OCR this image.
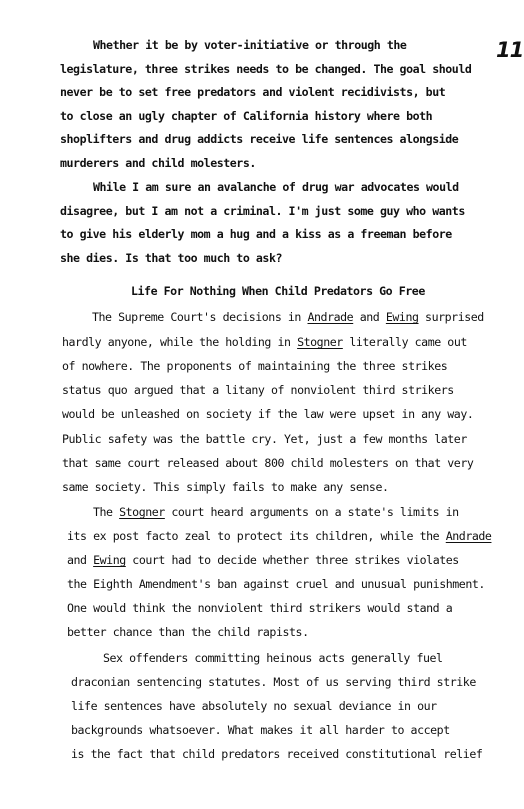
11
Whether it be by voter-initiative or through the
legislature, three strikes needs to be changed. The goal should
never be to set free predators and violent recidivists, but
to close an ugly chapter of California history where both
shoplifters and drug addicts receive life sentences alongside
murderers and child molesters.
While I am sure an avalanche of drug war advocates would
disagree, but I am not a criminal. I'm just some guy who wants
to give his elderly mom a hug and a kiss as a freeman before
she dies. Is that too much to ask?
Life For Nothing When Child Predators Go Free
The Supreme Court's decisions in Andrade and Ewing surprised
hardly anyone, while the holding in Stogner literally came out
of nowhere. The proponents of maintaining the three strikes
status quo argued that a litany of nonviolent third strikers
would be unleashed on society if the law were upset in any way.
Public safety was the battle cry. Yet, just a few months later
that same court released about 800 child molesters on that very
same society. This simply fails to make any sense.
The Stogner court heard arguments on a state's limits in
its ex post facto zeal to protect its children, while the Andrade
and Ewing court had to decide whether three strikes violates
the Eighth Amendment's ban against cruel and unusual punishment.
One would think the nonviolent third strikers would stand a
better chance than the child rapists.
Sex offenders committing heinous acts generally fuel
draconian sentencing statutes. Most of us serving third strike
life sentences have absolutely no sexual deviance in our
backgrounds whatsoever. What makes it all harder to accept
is the fact that child predators received constitutional relief
